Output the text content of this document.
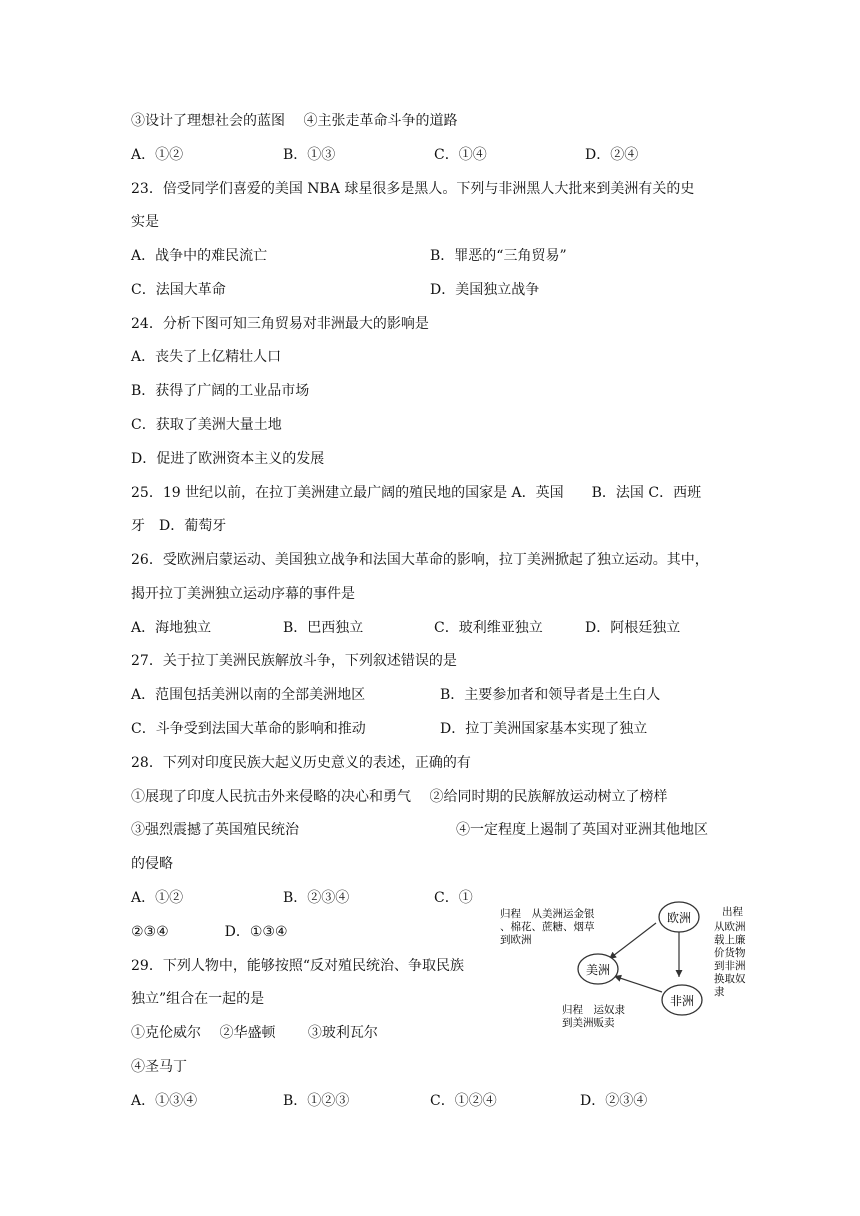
③设计了理想社会的蓝图　 ④主张走革命斗争的道路
A．①②	B．①③	C．①④	D．②④
23．倍受同学们喜爱的美国 NBA 球星很多是黑人。下列与非洲黑人大批来到美洲有关的史
实是
A．战争中的难民流亡	B．罪恶的“三角贸易”
C．法国大革命	D．美国独立战争
24．分析下图可知三角贸易对非洲最大的影响是
A．丧失了上亿精壮人口
B．获得了广阔的工业品市场
C．获取了美洲大量土地
D．促进了欧洲资本主义的发展
25．19 世纪以前，在拉丁美洲建立最广阔的殖民地的国家是 A．英国　　B．法国 C．西班
牙　D．葡萄牙
26．受欧洲启蒙运动、美国独立战争和法国大革命的影响，拉丁美洲掀起了独立运动。其中，
揭开拉丁美洲独立运动序幕的事件是
A．海地独立	B．巴西独立	C．玻利维亚独立	D．阿根廷独立
27．关于拉丁美洲民族解放斗争，下列叙述错误的是
A．范围包括美洲以南的全部美洲地区	B．主要参加者和领导者是土生白人
C．斗争受到法国大革命的影响和推动	D．拉丁美洲国家基本实现了独立
28．下列对印度民族大起义历史意义的表述，正确的有
①展现了印度人民抗击外来侵略的决心和勇气　 ②给同时期的民族解放运动树立了榜样
③强烈震撼了英国殖民统治	④一定程度上遏制了英国对亚洲其他地区
的侵略
A．①②	B．②③④	C．①
②③④　　　　D．①③④
29．下列人物中，能够按照“反对殖民统治、争取民族
独立”组合在一起的是
①克伦威尔　 ②华盛顿　　 ③玻利瓦尔
④圣马丁
A．①③④	B．①②③	C．①②④	D．②③④
欧洲
美洲
非洲
归程　从美洲运金银
、棉花、蔗糖、烟草
到欧洲
出程
从欧洲
载上廉
价货物
到非洲
换取奴
隶
归程　运奴隶
到美洲贩卖
